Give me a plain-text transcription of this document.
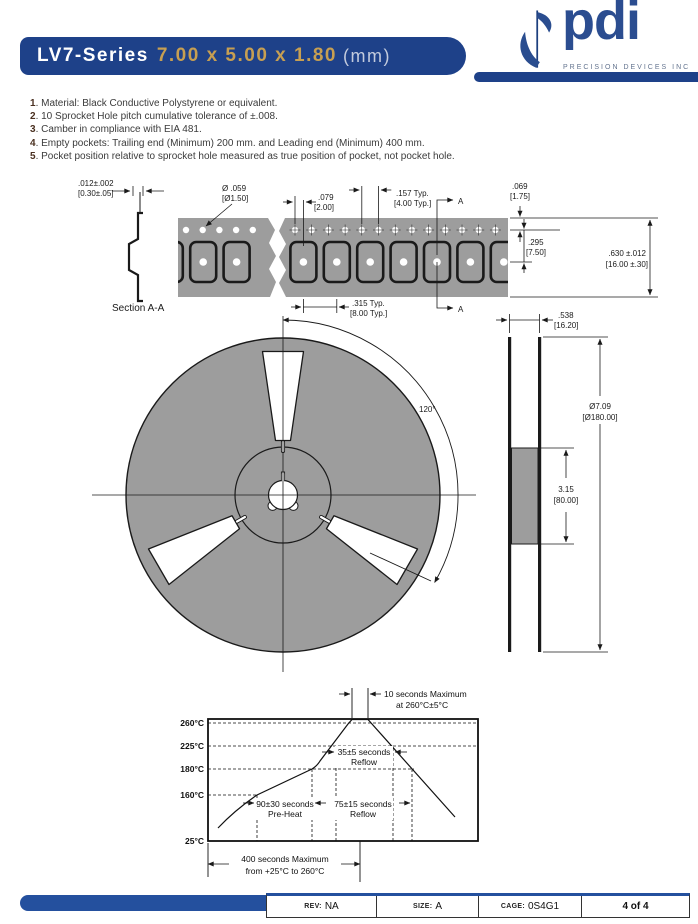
LV7-Series 7.00 x 5.00 x 1.80 (mm)
pdi
PRECISION DEVICES INC
1. Material: Black Conductive Polystyrene or equivalent.
2. 10 Sprocket Hole pitch cumulative tolerance of ±.008.
3. Camber in compliance with EIA 481.
4. Empty pockets: Trailing end (Minimum) 200 mm. and Leading end (Minimum) 400 mm.
5. Pocket position relative to sprocket hole measured as true position of pocket, not pocket hole.
.012±.002
[0.30±.05]
Ø .059
[Ø1.50]	.079
[2.00]
.157 Typ.
[4.00 Typ.]	A
A
.069
[1.75]
.295
[7.50]	.630 ±.012
[16.00 ±.30]
.315 Typ.
[8.00 Typ.]
Section A-A
120°
.538
[16.20]
Ø7.09
[Ø180.00]
3.15
[80.00]
260°C
225°C
180°C
160°C
25°C
10 seconds Maximum
at 260°C±5°C
35±5 seconds
Reflow
90±30 seconds
Pre-Heat
75±15 seconds
Reflow
400 seconds Maximum
from +25°C to 260°C
REV: NA	SIZE: A	CAGE: 0S4G1	4 of 4
